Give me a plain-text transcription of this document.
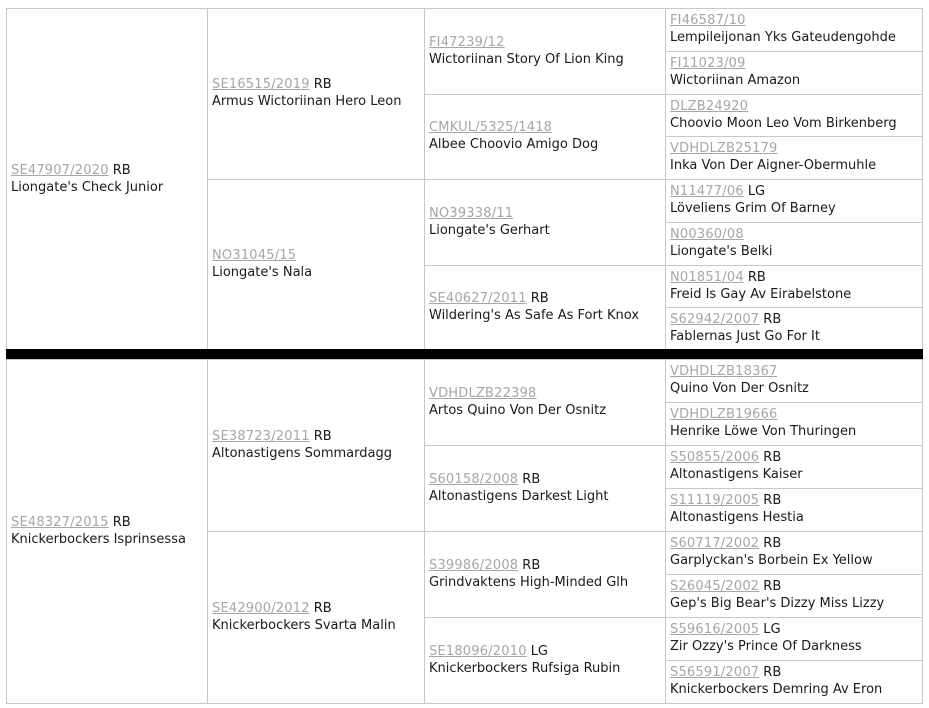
SE47907/2020 RB
Liongate's Check Junior
SE16515/2019 RB
Armus Wictoriinan Hero Leon
NO31045/15
Liongate's Nala
FI47239/12
Wictoriinan Story Of Lion King
CMKUL/5325/1418
Albee Choovio Amigo Dog
NO39338/11
Liongate's Gerhart
SE40627/2011 RB
Wildering's As Safe As Fort Knox
FI46587/10
Lempileijonan Yks Gateudengohde
FI11023/09
Wictoriinan Amazon
DLZB24920
Choovio Moon Leo Vom Birkenberg
VDHDLZB25179
Inka Von Der Aigner-Obermuhle
N11477/06 LG
Löveliens Grim Of Barney
N00360/08
Liongate's Belki
N01851/04 RB
Freid Is Gay Av Eirabelstone
S62942/2007 RB
Fablernas Just Go For It
SE48327/2015 RB
Knickerbockers Isprinsessa
SE38723/2011 RB
Altonastigens Sommardagg
SE42900/2012 RB
Knickerbockers Svarta Malin
VDHDLZB22398
Artos Quino Von Der Osnitz
S60158/2008 RB
Altonastigens Darkest Light
S39986/2008 RB
Grindvaktens High-Minded Glh
SE18096/2010 LG
Knickerbockers Rufsiga Rubin
VDHDLZB18367
Quino Von Der Osnitz
VDHDLZB19666
Henrike Löwe Von Thuringen
S50855/2006 RB
Altonastigens Kaiser
S11119/2005 RB
Altonastigens Hestia
S60717/2002 RB
Garplyckan's Borbein Ex Yellow
S26045/2002 RB
Gep's Big Bear's Dizzy Miss Lizzy
S59616/2005 LG
Zir Ozzy's Prince Of Darkness
S56591/2007 RB
Knickerbockers Demring Av Eron
